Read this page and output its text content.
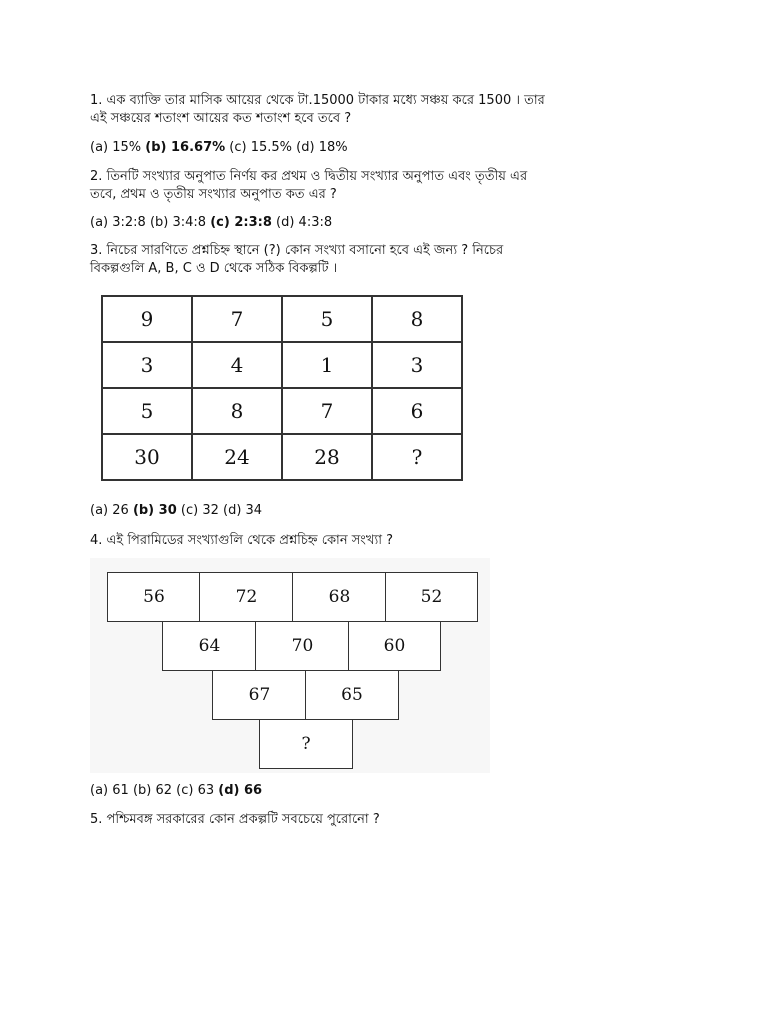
1. এক ব্যাক্তি তার মাসিক আয়ের থেকে টা.15000 টাকার মধ্যে সঞ্চয় করে 1500 । তার
এই সঞ্চয়ের শতাংশ আয়ের কত শতাংশ হবে তবে ?
(a) 15% (b) 16.67% (c) 15.5% (d) 18%
2. তিনটি সংখ্যার অনুপাত নির্ণয় কর প্রথম ও দ্বিতীয় সংখ্যার অনুপাত এবং তৃতীয় এর
তবে, প্রথম ও তৃতীয় সংখ্যার অনুপাত কত এর ?
(a) 3:2:8 (b) 3:4:8 (c) 2:3:8 (d) 4:3:8
3. নিচের সারণিতে প্রশ্নচিহ্ন স্থানে (?) কোন সংখ্যা বসানো হবে এই জন্য ? নিচের
বিকল্পগুলি A, B, C ও D থেকে সঠিক বিকল্পটি ।
9	7	5	8
3	4	1	3
5	8	7	6
30	24	28	?
(a) 26 (b) 30 (c) 32 (d) 34
4. এই পিরামিডের সংখ্যাগুলি থেকে প্রশ্নচিহ্ন কোন সংখ্যা ?
56	72	68	52
64	70	60
67	65
?
(a) 61 (b) 62 (c) 63 (d) 66
5. পশ্চিমবঙ্গ সরকারের কোন প্রকল্পটি সবচেয়ে পুরোনো ?
